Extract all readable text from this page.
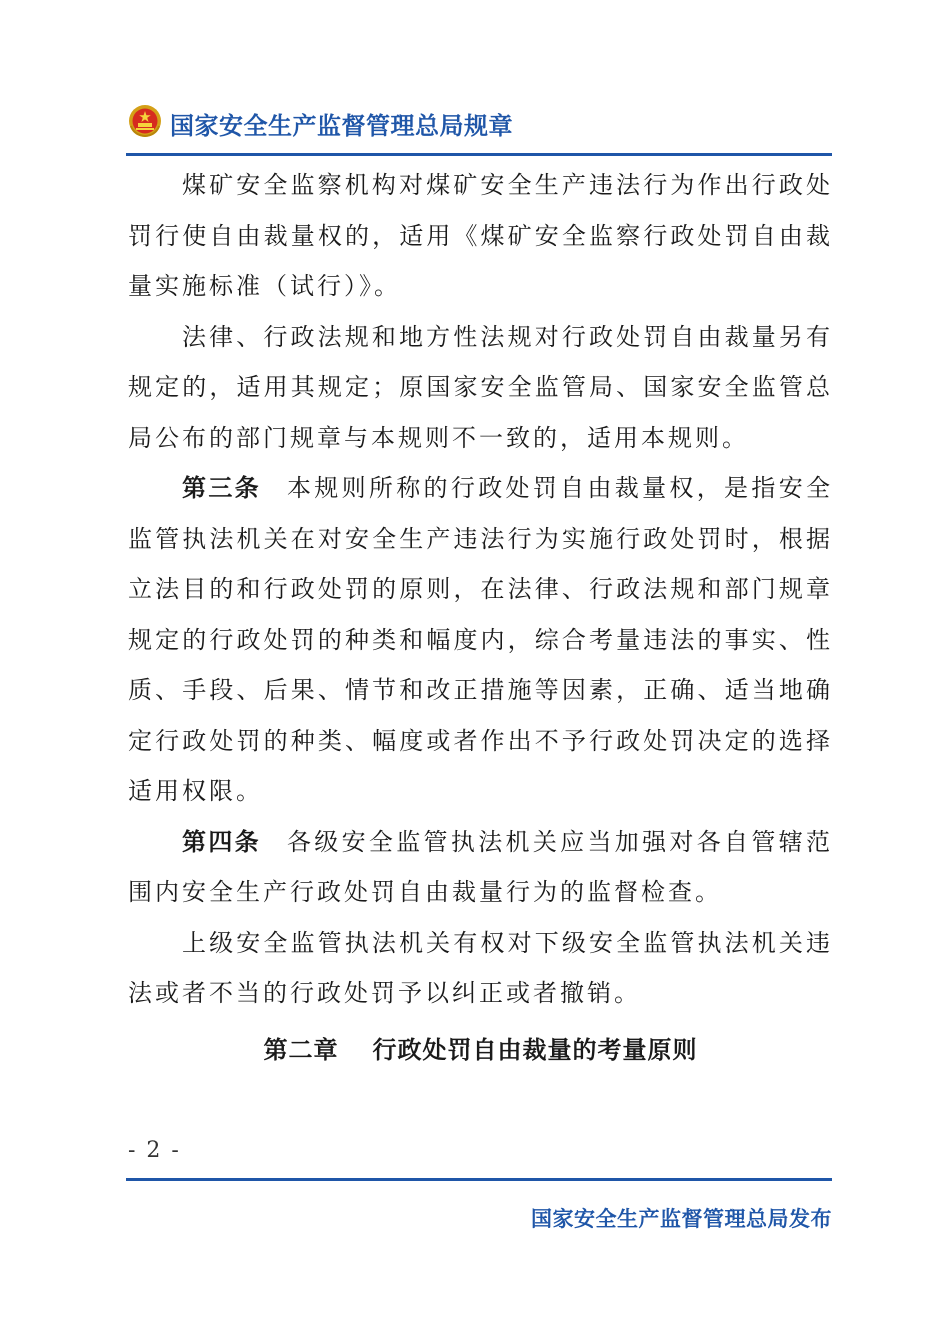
国家安全生产监督管理总局规章

煤矿安全监察机构对煤矿安全生产违法行为作出行政处罚行使自由裁量权的，适用《煤矿安全监察行政处罚自由裁量实施标准（试行）》。

法律、行政法规和地方性法规对行政处罚自由裁量另有规定的，适用其规定；原国家安全监管局、国家安全监管总局公布的部门规章与本规则不一致的，适用本规则。

第三条 本规则所称的行政处罚自由裁量权，是指安全监管执法机关在对安全生产违法行为实施行政处罚时，根据立法目的和行政处罚的原则，在法律、行政法规和部门规章规定的行政处罚的种类和幅度内，综合考量违法的事实、性质、手段、后果、情节和改正措施等因素，正确、适当地确定行政处罚的种类、幅度或者作出不予行政处罚决定的选择适用权限。

第四条 各级安全监管执法机关应当加强对各自管辖范围内安全生产行政处罚自由裁量行为的监督检查。

上级安全监管执法机关有权对下级安全监管执法机关违法或者不当的行政处罚予以纠正或者撤销。

第二章 行政处罚自由裁量的考量原则
- 2 -
国家安全生产监督管理总局发布
